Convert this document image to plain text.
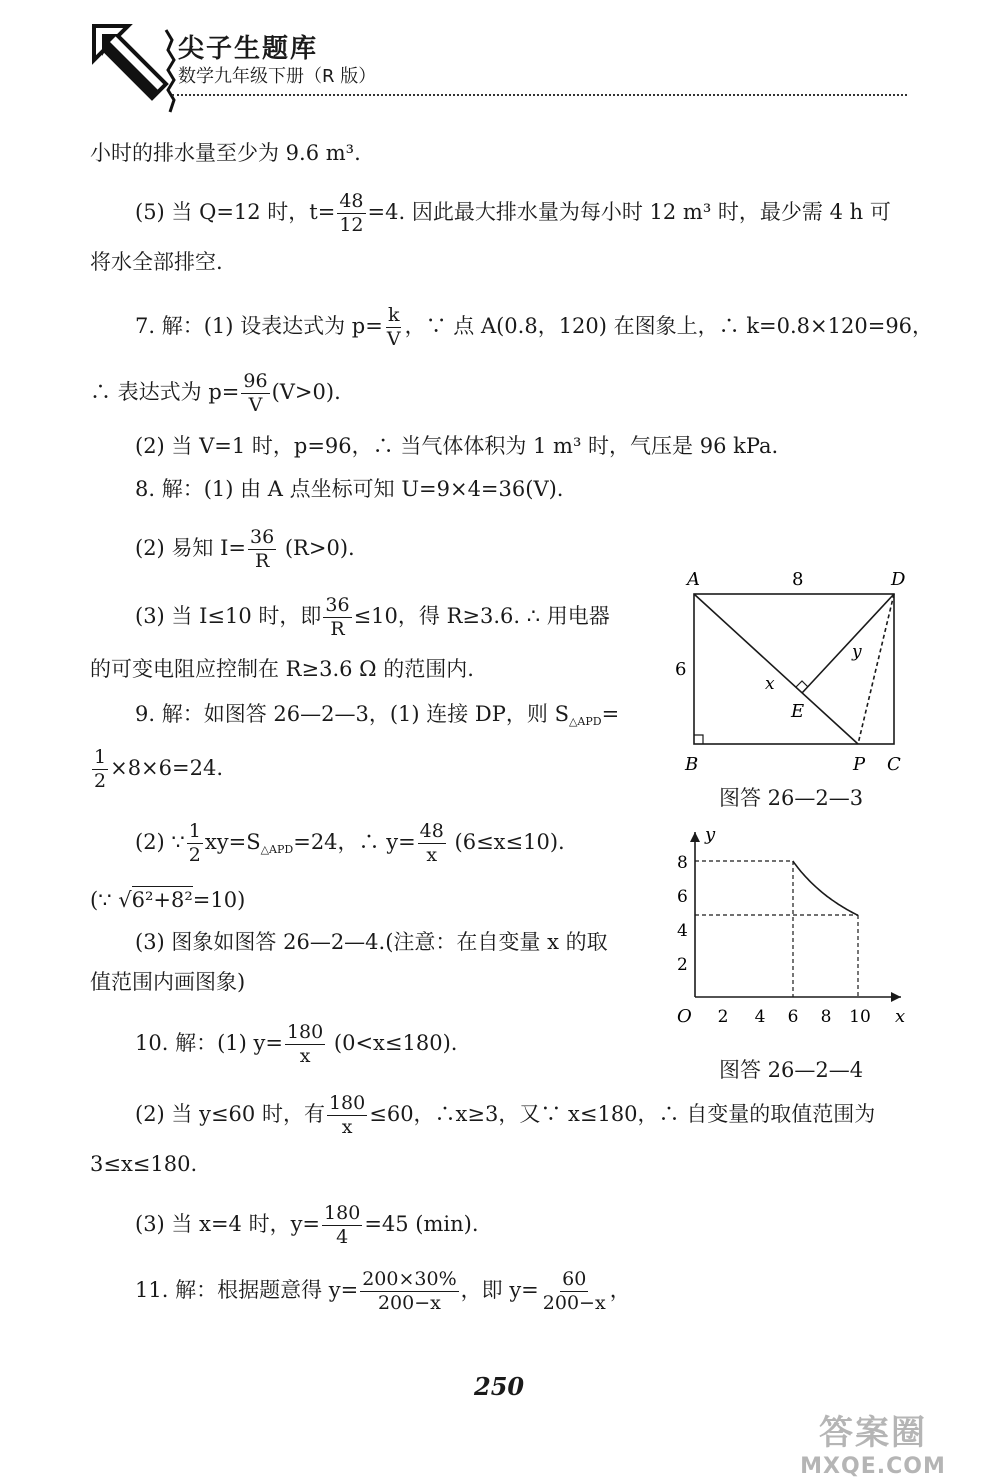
尖子生题库
数学九年级下册（R 版）
小时的排水量至少为 9.6 m³.
(5) 当 Q=12 时，$t= \frac{48}{12} =4$. 因此最大排水量为每小时 12 m³ 时，最少需 4 h 可
将水全部排空.
7. 解：(1) 设表达式为 $p= \frac{k}{V}$ ，∵ 点 A(0.8，120) 在图象上，∴ k=0.8×120=96，
∴ 表达式为 $p= \frac{96}{V} (V>0)$.
(2) 当 V=1 时，p=96，∴ 当气体体积为 1 m³ 时，气压是 96 kPa.
8. 解：(1) 由 A 点坐标可知 U=9×4=36(V).
(2) 易知 $I= \frac{36}{R} (R>0)$.
(3) 当 I≤10 时，即 $\frac{36}{R} \le 10$，得 R≥3.6. ∴ 用电器
的可变电阻应控制在 R≥3.6 Ω 的范围内.
9. 解：如图答 26—2—3，(1) 连接 DP，则 S△APD=
$\frac{1}{2} \times 8\times 6=24$.
(2) ∵ $\frac{1}{2}$ xy=S△APD=24，∴ $y= \frac{48}{x} (6\le x\le 10)$.
(∵ √6²+8²=10)
(3) 图象如图答 26—2—4.(注意：在自变量 x 的取
值范围内画图象)
10. 解：(1) $y= \frac{180}{x} (0<x\le 180)$.
(2) 当 y≤60 时，有 $\frac{180}{x} \le 60$，∴x≥3，又∵ x≤180，∴ 自变量的取值范围为
3≤x≤180.
(3) 当 x=4 时，$y= \frac{180}{4} =45$ (min).
11. 解：根据题意得 $y= \frac{200\times 30\%}{200-x}$ ，即 $y= \frac{60}{200-x}$ ，
A	8	D
6
x
y
E
B	P C
图答 26—2—3
y
O	x
2 4 6 8 10
2
4
6
8
图答 26—2—4
250
答案圈
MXQE.COM
